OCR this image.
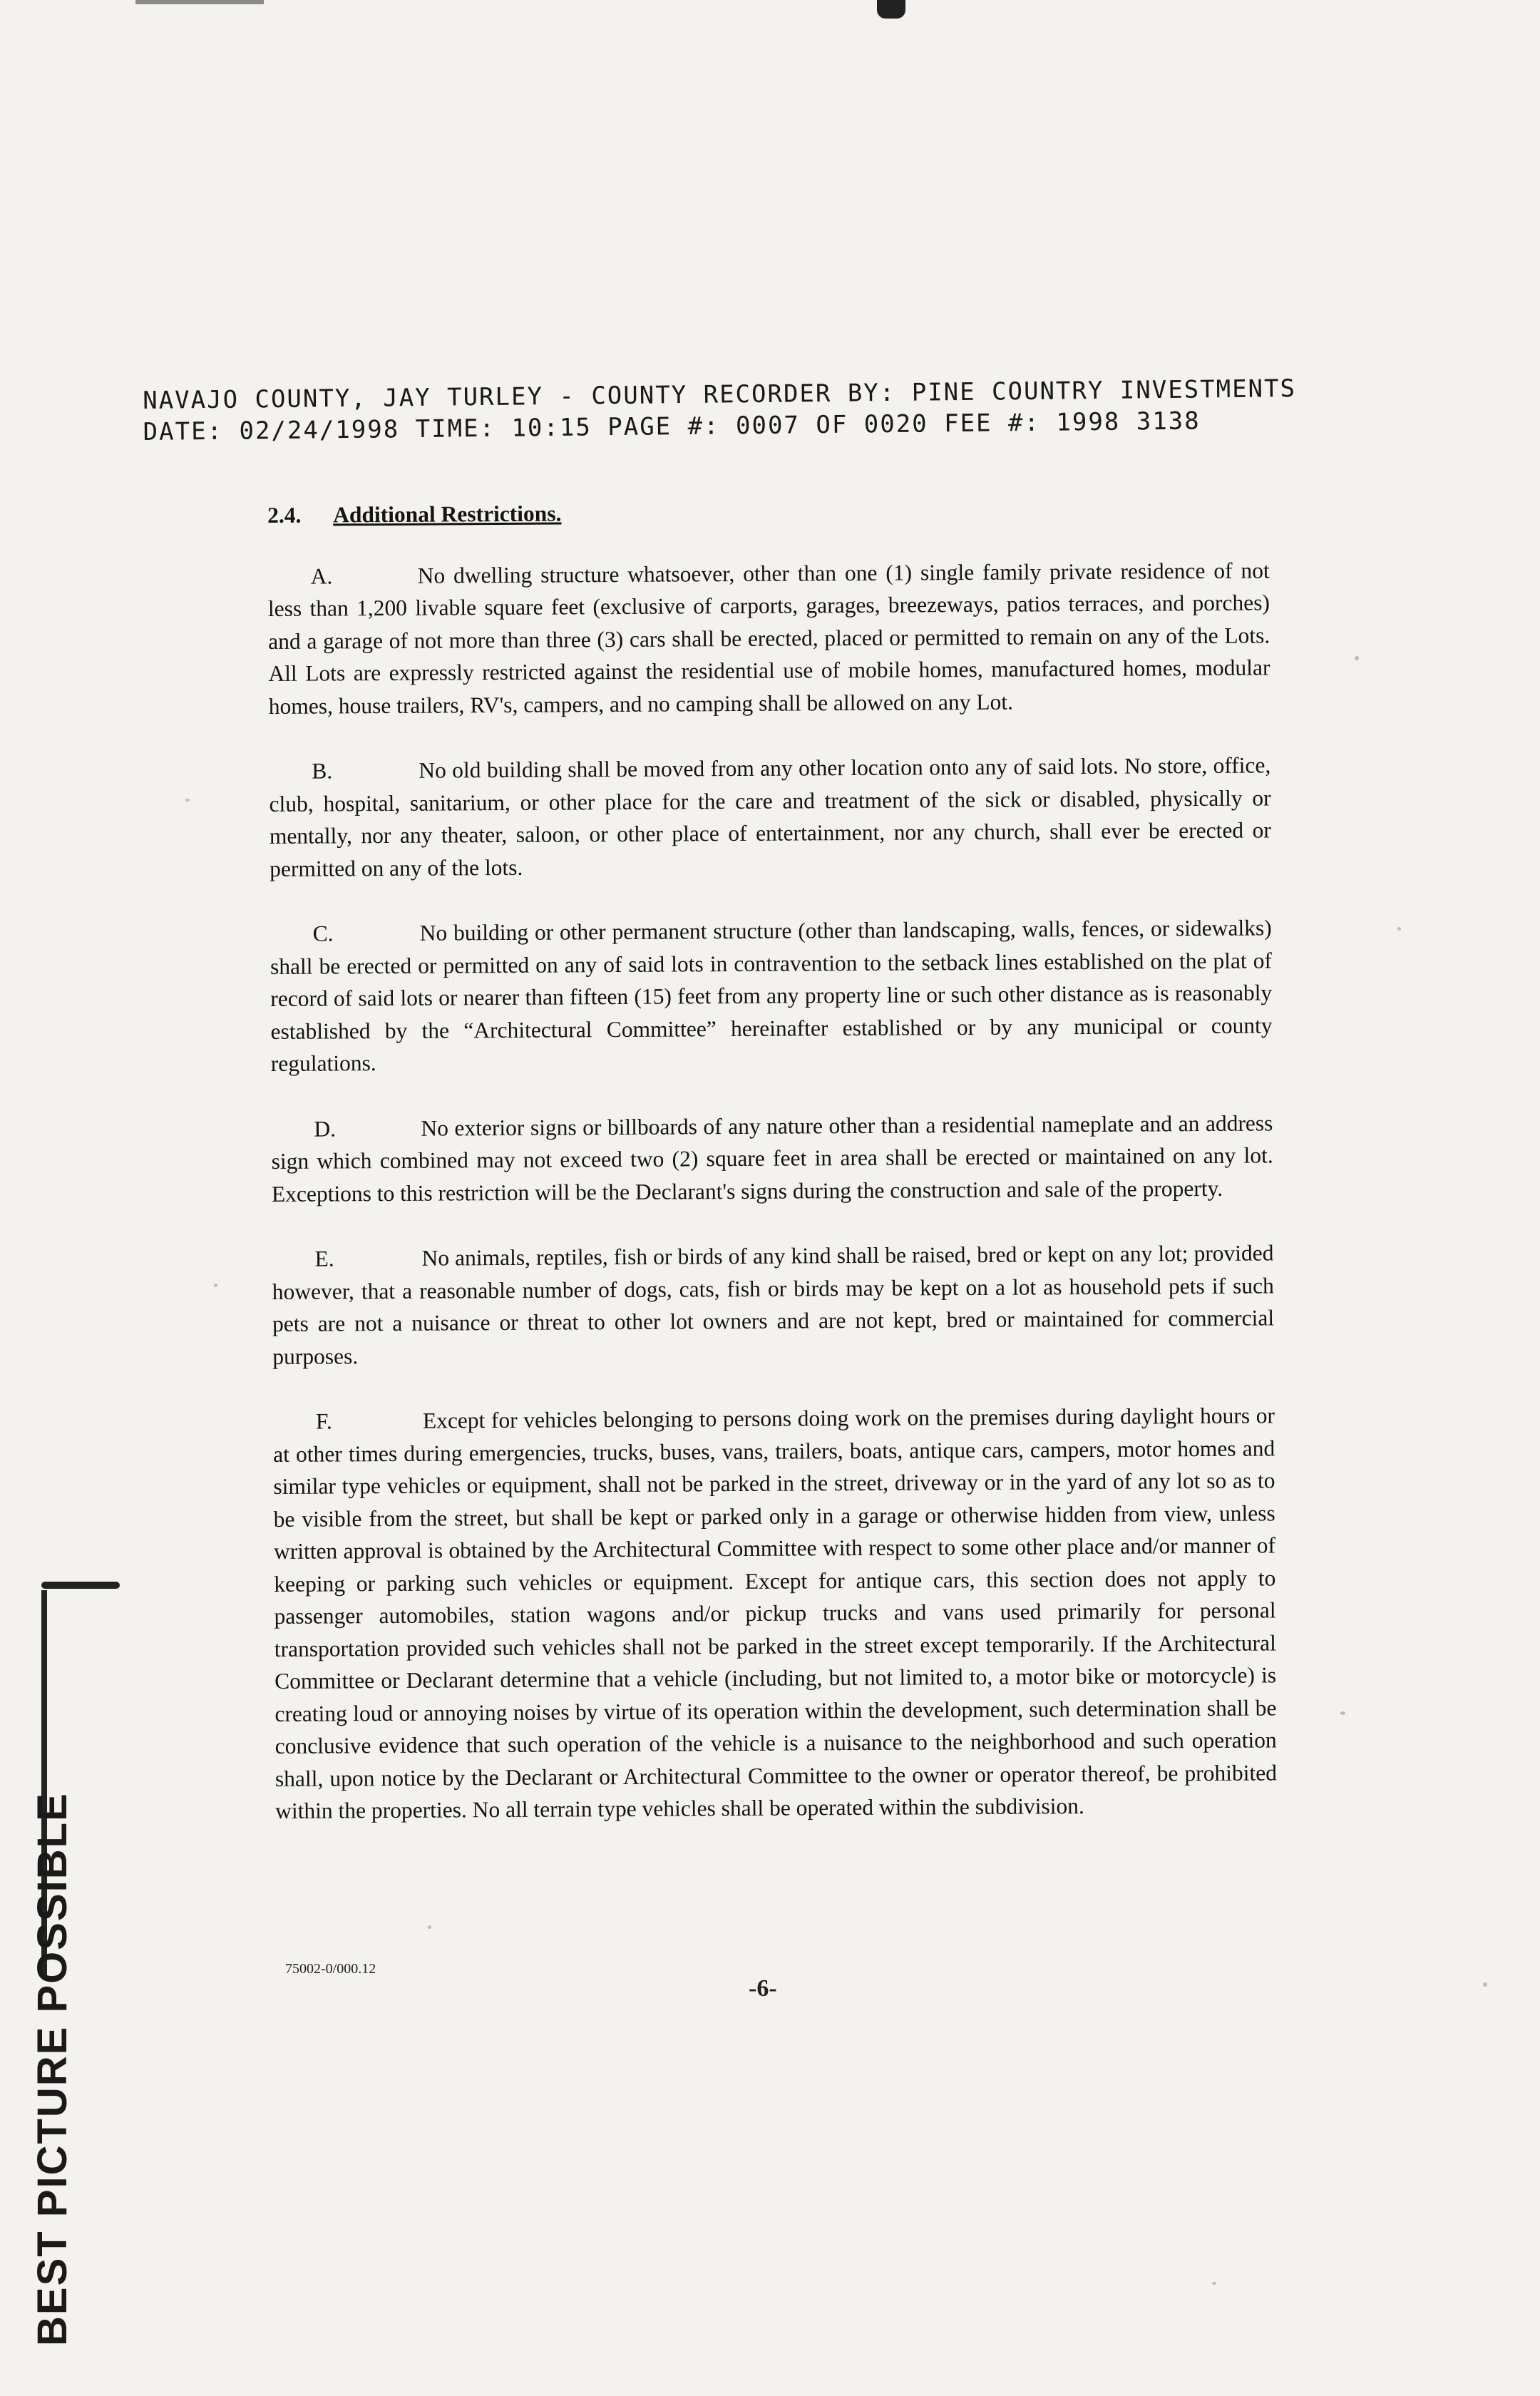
NAVAJO COUNTY, JAY TURLEY - COUNTY RECORDER BY: PINE COUNTRY INVESTMENTS
DATE: 02/24/1998 TIME: 10:15 PAGE #: 0007 OF 0020 FEE #: 1998 3138
2.4. Additional Restrictions.

A.	No dwelling structure whatsoever, other than one (1) single family private residence of not less than 1,200 livable square feet (exclusive of carports, garages, breezeways, patios terraces, and porches) and a garage of not more than three (3) cars shall be erected, placed or permitted to remain on any of the Lots. All Lots are expressly restricted against the residential use of mobile homes, manufactured homes, modular homes, house trailers, RV's, campers, and no camping shall be allowed on any Lot.

B.	No old building shall be moved from any other location onto any of said lots. No store, office, club, hospital, sanitarium, or other place for the care and treatment of the sick or disabled, physically or mentally, nor any theater, saloon, or other place of entertainment, nor any church, shall ever be erected or permitted on any of the lots.

C.	No building or other permanent structure (other than landscaping, walls, fences, or sidewalks) shall be erected or permitted on any of said lots in contravention to the setback lines established on the plat of record of said lots or nearer than fifteen (15) feet from any property line or such other distance as is reasonably established by the “Architectural Committee” hereinafter established or by any municipal or county regulations.

D.	No exterior signs or billboards of any nature other than a residential nameplate and an address sign which combined may not exceed two (2) square feet in area shall be erected or maintained on any lot. Exceptions to this restriction will be the Declarant's signs during the construction and sale of the property.

E.	No animals, reptiles, fish or birds of any kind shall be raised, bred or kept on any lot; provided however, that a reasonable number of dogs, cats, fish or birds may be kept on a lot as household pets if such pets are not a nuisance or threat to other lot owners and are not kept, bred or maintained for commercial purposes.

F.	Except for vehicles belonging to persons doing work on the premises during daylight hours or at other times during emergencies, trucks, buses, vans, trailers, boats, antique cars, campers, motor homes and similar type vehicles or equipment, shall not be parked in the street, driveway or in the yard of any lot so as to be visible from the street, but shall be kept or parked only in a garage or otherwise hidden from view, unless written approval is obtained by the Architectural Committee with respect to some other place and/or manner of keeping or parking such vehicles or equipment. Except for antique cars, this section does not apply to passenger automobiles, station wagons and/or pickup trucks and vans used primarily for personal transportation provided such vehicles shall not be parked in the street except temporarily. If the Architectural Committee or Declarant determine that a vehicle (including, but not limited to, a motor bike or motorcycle) is creating loud or annoying noises by virtue of its operation within the development, such determination shall be conclusive evidence that such operation of the vehicle is a nuisance to the neighborhood and such operation shall, upon notice by the Declarant or Architectural Committee to the owner or operator thereof, be prohibited within the properties. No all terrain type vehicles shall be operated within the subdivision.

75002-0/000.12
-6-
BEST PICTURE POSSIBLE
